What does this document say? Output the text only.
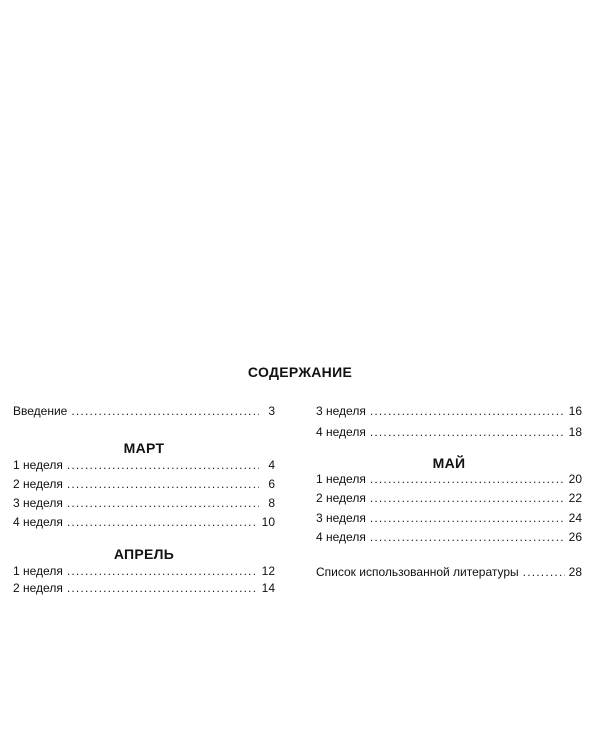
СОДЕРЖАНИЕ
Введение .....	3
МАРТ
1 неделя .....	4
2 неделя .....	6
3 неделя .....	8
4 неделя .....	10
АПРЕЛЬ
1 неделя .....	12
2 неделя .....	14
3 неделя .....	16
4 неделя .....	18
МАЙ
1 неделя .....	20
2 неделя .....	22
3 неделя .....	24
4 неделя .....	26
Список использованной литературы .....	28
